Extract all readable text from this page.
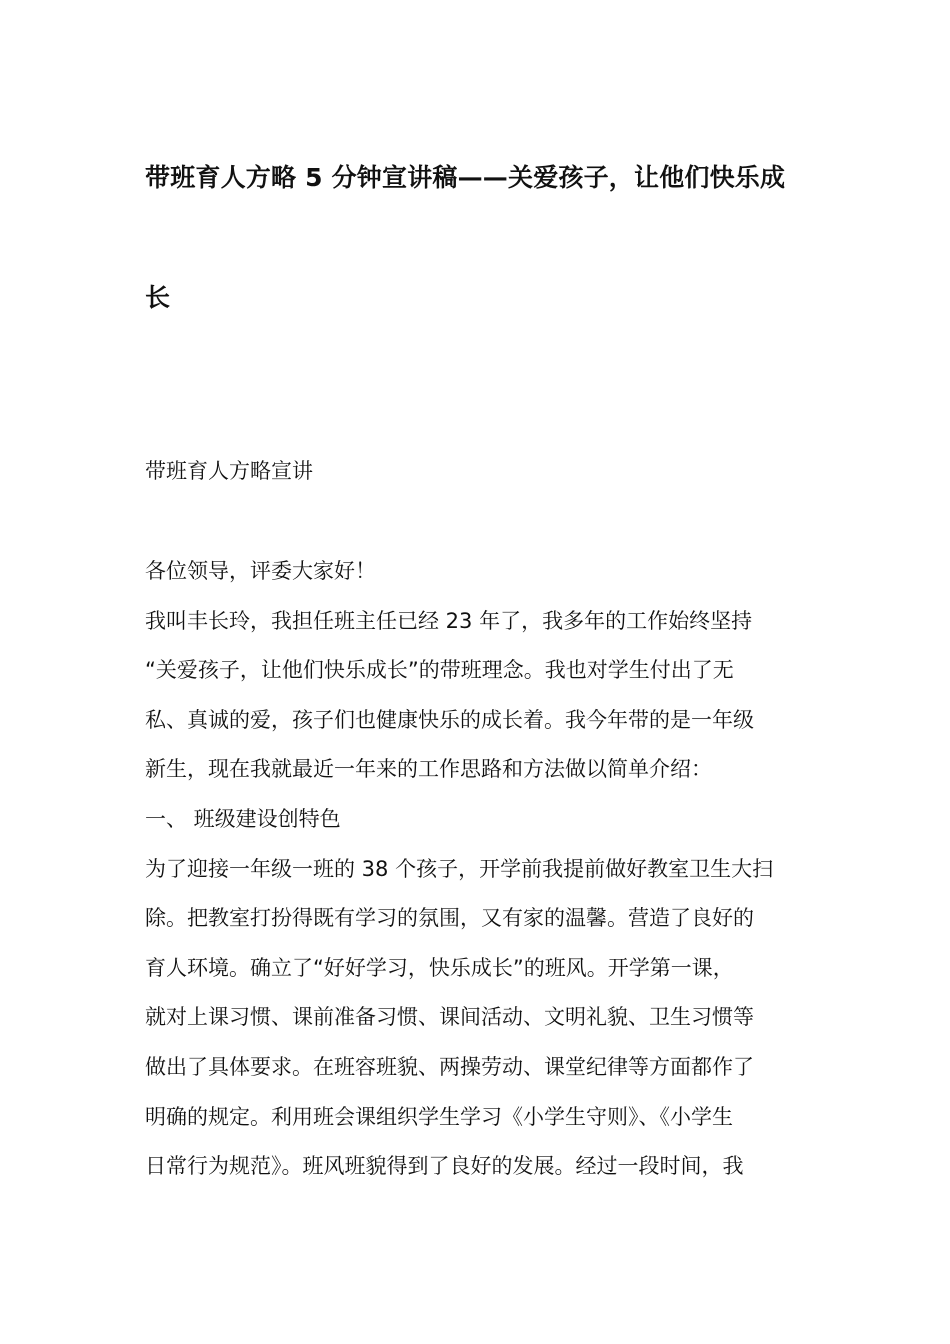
带班育人方略 5 分钟宣讲稿——关爱孩子，让他们快乐成
长
带班育人方略宣讲

各位领导，评委大家好！

我叫丰长玲，我担任班主任已经 23 年了，我多年的工作始终坚持

“关爱孩子，让他们快乐成长”的带班理念。我也对学生付出了无

私、真诚的爱，孩子们也健康快乐的成长着。我今年带的是一年级

新生，现在我就最近一年来的工作思路和方法做以简单介绍：

一、 班级建设创特色

为了迎接一年级一班的 38 个孩子，开学前我提前做好教室卫生大扫

除。把教室打扮得既有学习的氛围，又有家的温馨。营造了良好的

育人环境。确立了“好好学习，快乐成长”的班风。开学第一课，

就对上课习惯、课前准备习惯、课间活动、文明礼貌、卫生习惯等

做出了具体要求。在班容班貌、两操劳动、课堂纪律等方面都作了

明确的规定。利用班会课组织学生学习《小学生守则》、《小学生

日常行为规范》。班风班貌得到了良好的发展。经过一段时间，我
